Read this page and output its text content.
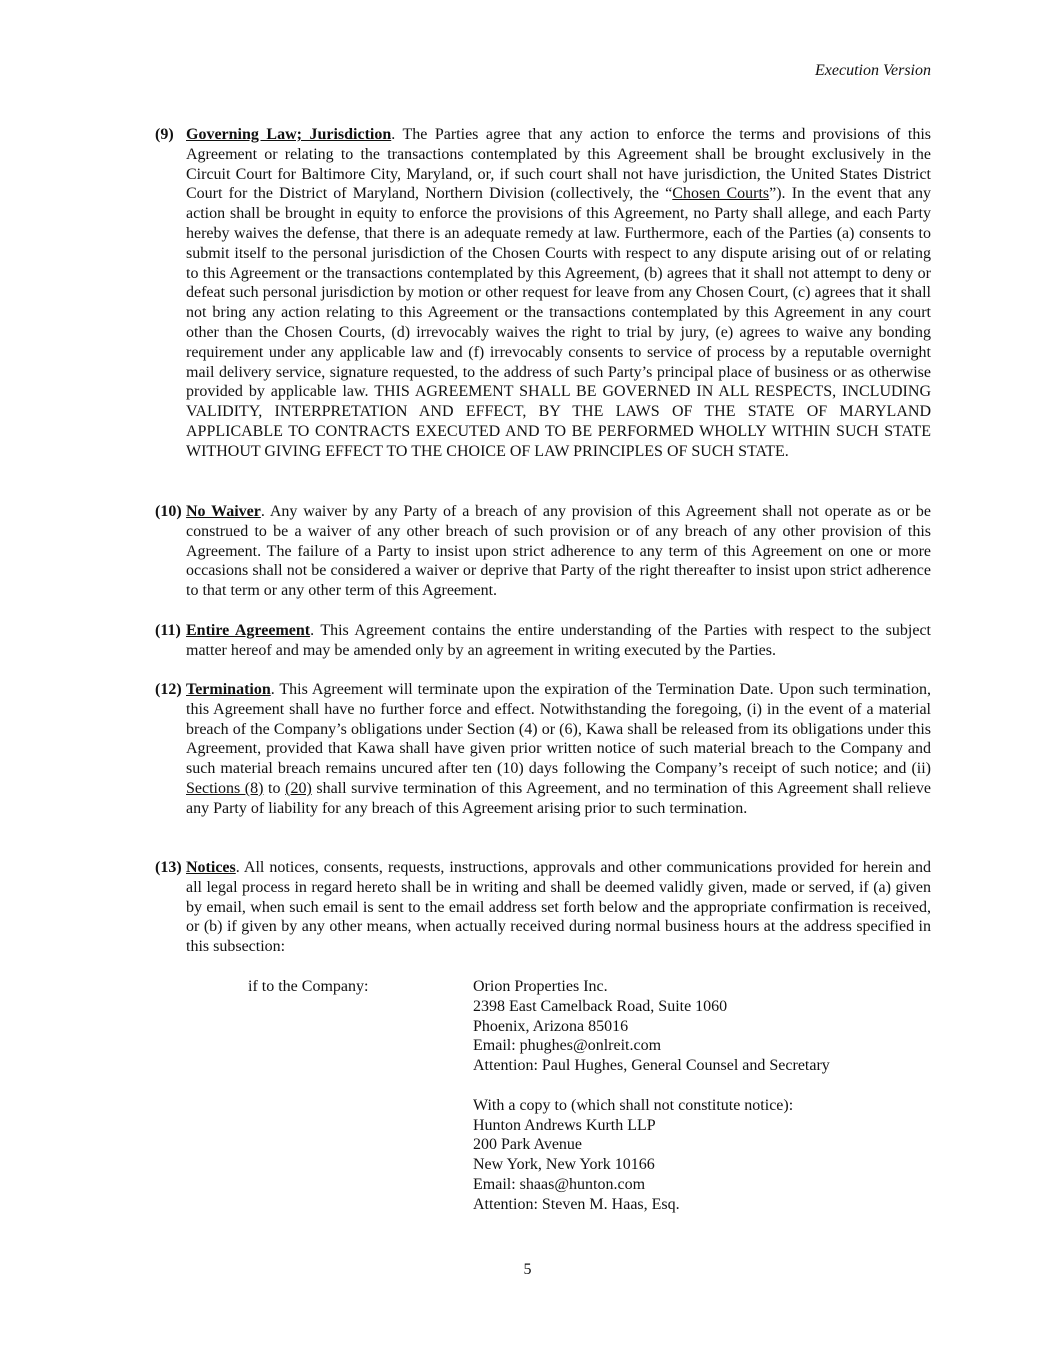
Execution Version
(9) Governing Law; Jurisdiction. The Parties agree that any action to enforce the terms and provisions of this Agreement or relating to the transactions contemplated by this Agreement shall be brought exclusively in the Circuit Court for Baltimore City, Maryland, or, if such court shall not have jurisdiction, the United States District Court for the District of Maryland, Northern Division (collectively, the “Chosen Courts”). In the event that any action shall be brought in equity to enforce the provisions of this Agreement, no Party shall allege, and each Party hereby waives the defense, that there is an adequate remedy at law. Furthermore, each of the Parties (a) consents to submit itself to the personal jurisdiction of the Chosen Courts with respect to any dispute arising out of or relating to this Agreement or the transactions contemplated by this Agreement, (b) agrees that it shall not attempt to deny or defeat such personal jurisdiction by motion or other request for leave from any Chosen Court, (c) agrees that it shall not bring any action relating to this Agreement or the transactions contemplated by this Agreement in any court other than the Chosen Courts, (d) irrevocably waives the right to trial by jury, (e) agrees to waive any bonding requirement under any applicable law and (f) irrevocably consents to service of process by a reputable overnight mail delivery service, signature requested, to the address of such Party’s principal place of business or as otherwise provided by applicable law. THIS AGREEMENT SHALL BE GOVERNED IN ALL RESPECTS, INCLUDING VALIDITY, INTERPRETATION AND EFFECT, BY THE LAWS OF THE STATE OF MARYLAND APPLICABLE TO CONTRACTS EXECUTED AND TO BE PERFORMED WHOLLY WITHIN SUCH STATE WITHOUT GIVING EFFECT TO THE CHOICE OF LAW PRINCIPLES OF SUCH STATE.
(10) No Waiver. Any waiver by any Party of a breach of any provision of this Agreement shall not operate as or be construed to be a waiver of any other breach of such provision or of any breach of any other provision of this Agreement. The failure of a Party to insist upon strict adherence to any term of this Agreement on one or more occasions shall not be considered a waiver or deprive that Party of the right thereafter to insist upon strict adherence to that term or any other term of this Agreement.
(11) Entire Agreement. This Agreement contains the entire understanding of the Parties with respect to the subject matter hereof and may be amended only by an agreement in writing executed by the Parties.
(12) Termination. This Agreement will terminate upon the expiration of the Termination Date. Upon such termination, this Agreement shall have no further force and effect. Notwithstanding the foregoing, (i) in the event of a material breach of the Company’s obligations under Section (4) or (6), Kawa shall be released from its obligations under this Agreement, provided that Kawa shall have given prior written notice of such material breach to the Company and such material breach remains uncured after ten (10) days following the Company’s receipt of such notice; and (ii) Sections (8) to (20) shall survive termination of this Agreement, and no termination of this Agreement shall relieve any Party of liability for any breach of this Agreement arising prior to such termination.
(13) Notices. All notices, consents, requests, instructions, approvals and other communications provided for herein and all legal process in regard hereto shall be in writing and shall be deemed validly given, made or served, if (a) given by email, when such email is sent to the email address set forth below and the appropriate confirmation is received, or (b) if given by any other means, when actually received during normal business hours at the address specified in this subsection:
if to the Company:	Orion Properties Inc.
2398 East Camelback Road, Suite 1060
Phoenix, Arizona 85016
Email: phughes@onlreit.com
Attention: Paul Hughes, General Counsel and Secretary
With a copy to (which shall not constitute notice):
Hunton Andrews Kurth LLP
200 Park Avenue
New York, New York 10166
Email: shaas@hunton.com
Attention: Steven M. Haas, Esq.
5
